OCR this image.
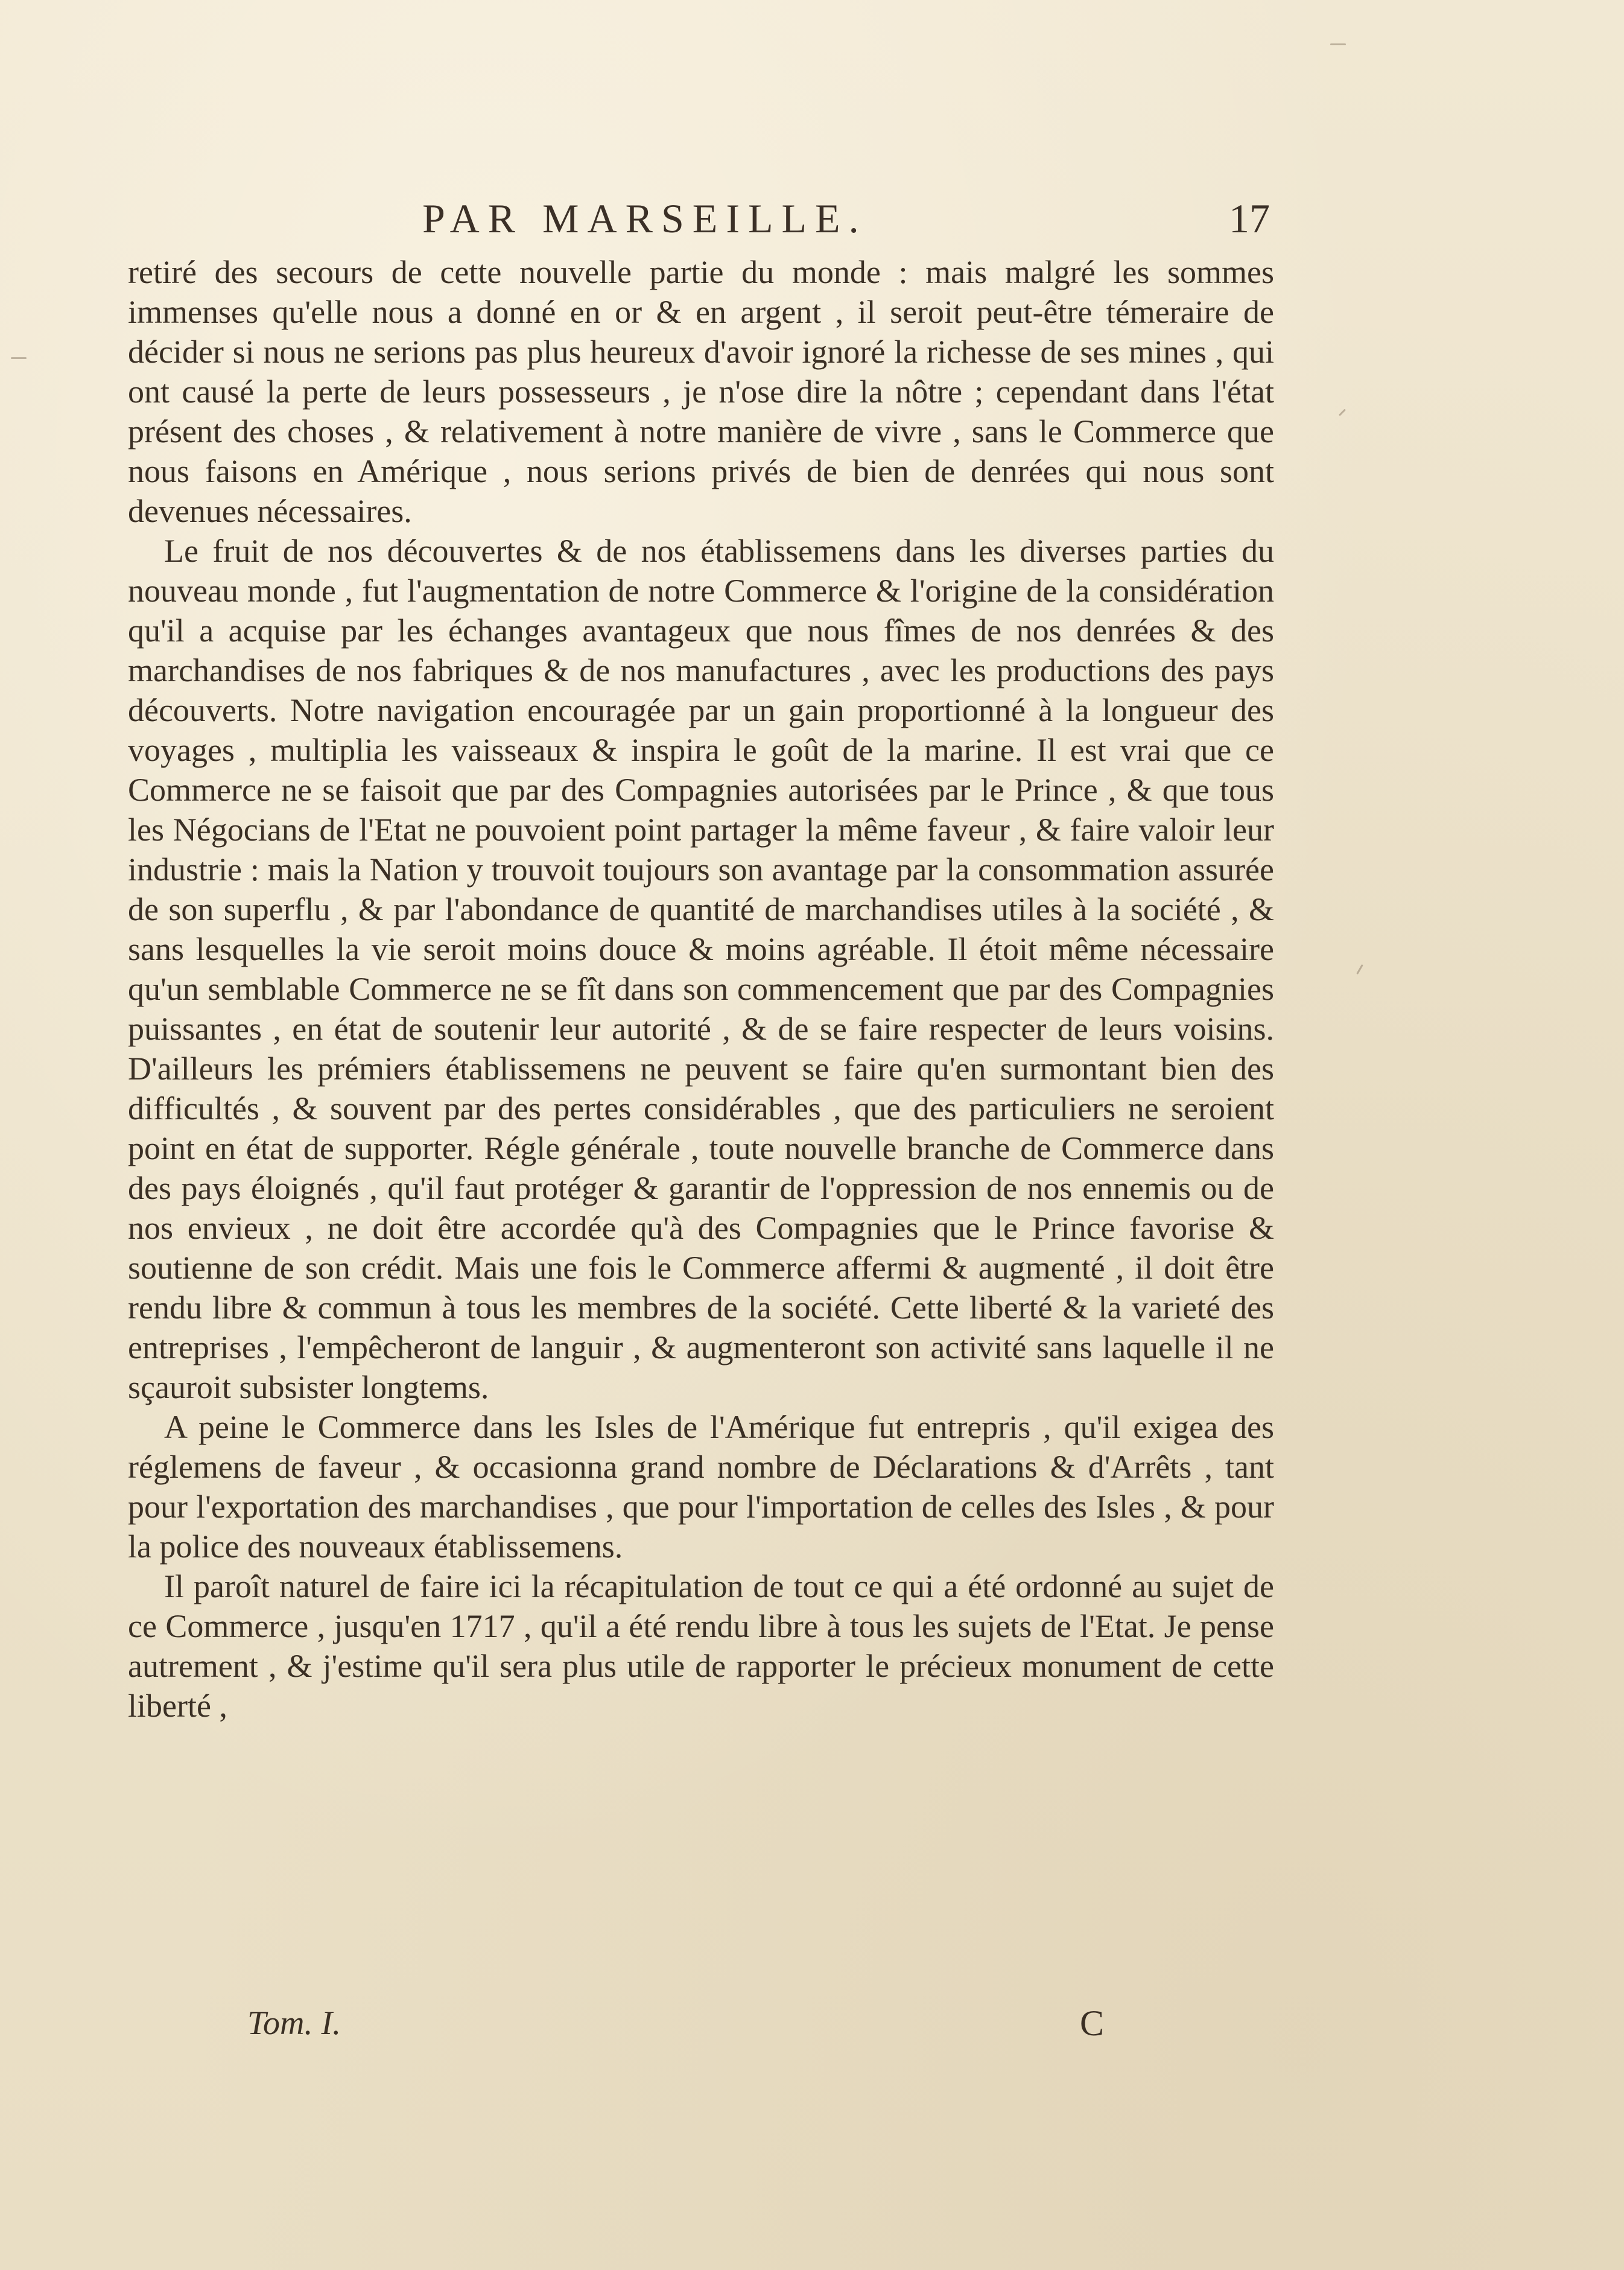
PAR MARSEILLE.	17

retiré des secours de cette nouvelle partie du monde : mais malgré les sommes immenses qu'elle nous a donné en or & en argent , il seroit peut-être témeraire de décider si nous ne serions pas plus heureux d'avoir ignoré la richesse de ses mines , qui ont causé la perte de leurs possesseurs , je n'ose dire la nôtre ; cependant dans l'état présent des choses , & relativement à notre manière de vivre , sans le Commerce que nous faisons en Amérique , nous serions privés de bien de denrées qui nous sont devenues nécessaires.

Le fruit de nos découvertes & de nos établissemens dans les diverses parties du nouveau monde , fut l'augmentation de notre Commerce & l'origine de la considération qu'il a acquise par les échanges avantageux que nous fîmes de nos denrées & des marchandises de nos fabriques & de nos manufactures , avec les productions des pays découverts. Notre navigation encouragée par un gain proportionné à la longueur des voyages , multiplia les vaisseaux & inspira le goût de la marine. Il est vrai que ce Commerce ne se faisoit que par des Compagnies autorisées par le Prince , & que tous les Négocians de l'Etat ne pouvoient point partager la même faveur , & faire valoir leur industrie : mais la Nation y trouvoit toujours son avantage par la consommation assurée de son superflu , & par l'abondance de quantité de marchandises utiles à la société , & sans lesquelles la vie seroit moins douce & moins agréable. Il étoit même nécessaire qu'un semblable Commerce ne se fît dans son commencement que par des Compagnies puissantes , en état de soutenir leur autorité , & de se faire respecter de leurs voisins. D'ailleurs les prémiers établissemens ne peuvent se faire qu'en surmontant bien des difficultés , & souvent par des pertes considérables , que des particuliers ne seroient point en état de supporter. Régle générale , toute nouvelle branche de Commerce dans des pays éloignés , qu'il faut protéger & garantir de l'oppression de nos ennemis ou de nos envieux , ne doit être accordée qu'à des Compagnies que le Prince favorise & soutienne de son crédit. Mais une fois le Commerce affermi & augmenté , il doit être rendu libre & commun à tous les membres de la société. Cette liberté & la varieté des entreprises , l'empêcheront de languir , & augmenteront son activité sans laquelle il ne sçauroit subsister longtems.

A peine le Commerce dans les Isles de l'Amérique fut entrepris , qu'il exigea des réglemens de faveur , & occasionna grand nombre de Déclarations & d'Arrêts , tant pour l'exportation des marchandises , que pour l'importation de celles des Isles , & pour la police des nouveaux établissemens.

Il paroît naturel de faire ici la récapitulation de tout ce qui a été ordonné au sujet de ce Commerce , jusqu'en 1717 , qu'il a été rendu libre à tous les sujets de l'Etat. Je pense autrement , & j'estime qu'il sera plus utile de rapporter le précieux monument de cette liberté ,

Tom. I.	C
